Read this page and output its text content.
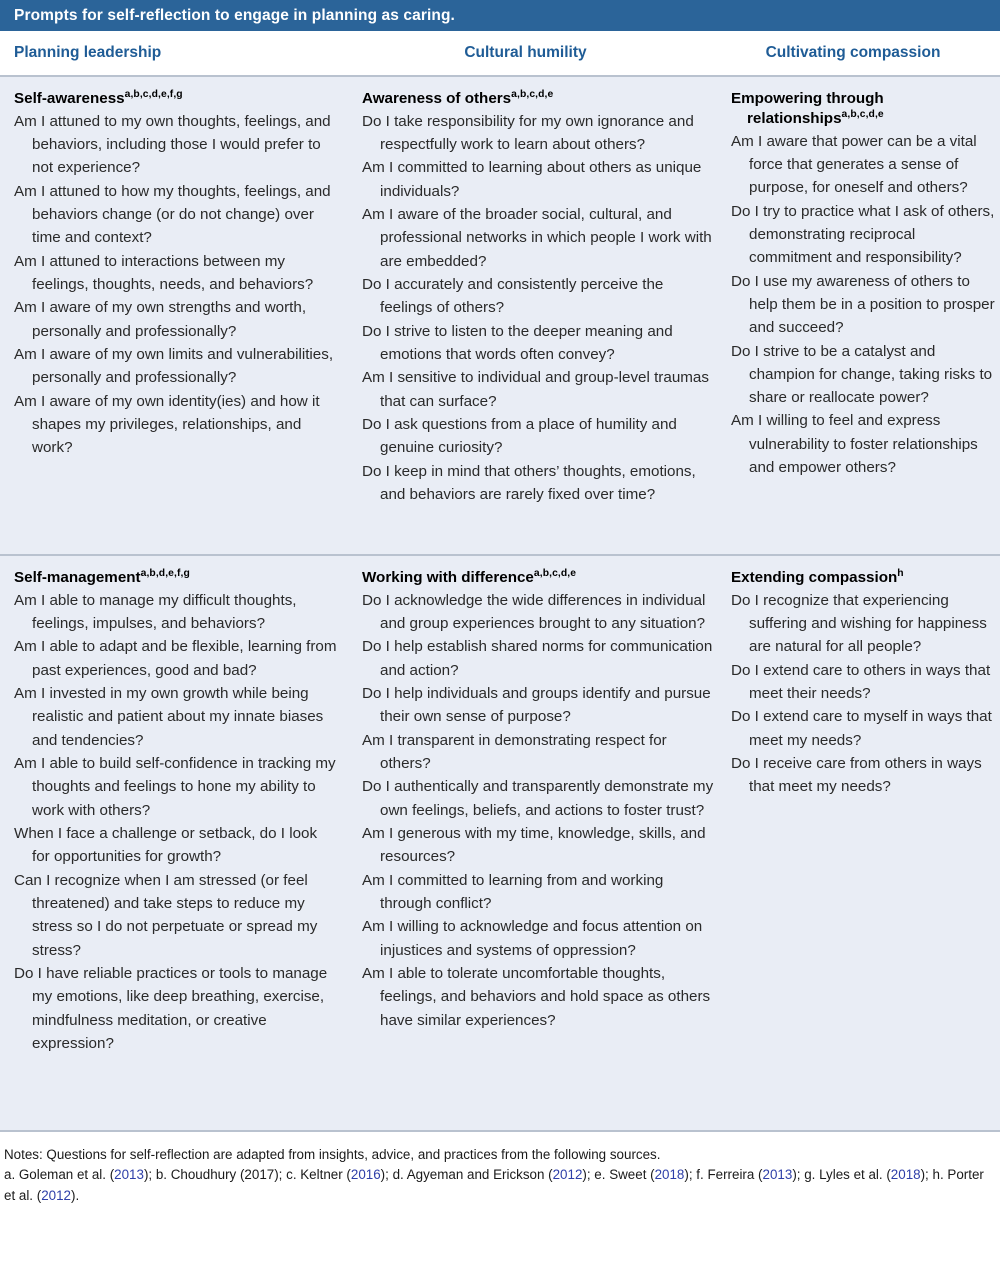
Prompts for self-reflection to engage in planning as caring.
Planning leadership	Cultural humility	Cultivating compassion
Self-awareness$^{a,b,c,d,e,f,g}$
Am I attuned to my own thoughts, feelings, and behaviors, including those I would prefer to not experience?
Am I attuned to how my thoughts, feelings, and behaviors change (or do not change) over time and context?
Am I attuned to interactions between my feelings, thoughts, needs, and behaviors?
Am I aware of my own strengths and worth, personally and professionally?
Am I aware of my own limits and vulnerabilities, personally and professionally?
Am I aware of my own identity(ies) and how it shapes my privileges, relationships, and work?
Awareness of others$^{a,b,c,d,e}$
Do I take responsibility for my own ignorance and respectfully work to learn about others?
Am I committed to learning about others as unique individuals?
Am I aware of the broader social, cultural, and professional networks in which people I work with are embedded?
Do I accurately and consistently perceive the feelings of others?
Do I strive to listen to the deeper meaning and emotions that words often convey?
Am I sensitive to individual and group-level traumas that can surface?
Do I ask questions from a place of humility and genuine curiosity?
Do I keep in mind that others’ thoughts, emotions, and behaviors are rarely fixed over time?
Empowering through
relationships$^{a,b,c,d,e}$
Am I aware that power can be a vital force that generates a sense of purpose, for oneself and others?
Do I try to practice what I ask of others, demonstrating reciprocal commitment and responsibility?
Do I use my awareness of others to help them be in a position to prosper and succeed?
Do I strive to be a catalyst and champion for change, taking risks to share or reallocate power?
Am I willing to feel and express vulnerability to foster relationships and empower others?
Self-management$^{a,b,d,e,f,g}$
Am I able to manage my difficult thoughts, feelings, impulses, and behaviors?
Am I able to adapt and be flexible, learning from past experiences, good and bad?
Am I invested in my own growth while being realistic and patient about my innate biases and tendencies?
Am I able to build self-confidence in tracking my thoughts and feelings to hone my ability to work with others?
When I face a challenge or setback, do I look for opportunities for growth?
Can I recognize when I am stressed (or feel threatened) and take steps to reduce my stress so I do not perpetuate or spread my stress?
Do I have reliable practices or tools to manage my emotions, like deep breathing, exercise, mindfulness meditation, or creative expression?
Working with difference$^{a,b,c,d,e}$
Do I acknowledge the wide differences in individual and group experiences brought to any situation?
Do I help establish shared norms for communication and action?
Do I help individuals and groups identify and pursue their own sense of purpose?
Am I transparent in demonstrating respect for others?
Do I authentically and transparently demonstrate my own feelings, beliefs, and actions to foster trust?
Am I generous with my time, knowledge, skills, and resources?
Am I committed to learning from and working through conflict?
Am I willing to acknowledge and focus attention on injustices and systems of oppression?
Am I able to tolerate uncomfortable thoughts, feelings, and behaviors and hold space as others have similar experiences?
Extending compassion$^h$
Do I recognize that experiencing suffering and wishing for happiness are natural for all people?
Do I extend care to others in ways that meet their needs?
Do I extend care to myself in ways that meet my needs?
Do I receive care from others in ways that meet my needs?

Notes: Questions for self-reflection are adapted from insights, advice, and practices from the following sources.

a. Goleman et al. (2013); b. Choudhury (2017); c. Keltner (2016); d. Agyeman and Erickson (2012); e. Sweet (2018); f. Ferreira (2013); g. Lyles et al. (2018); h. Porter et al. (2012).
